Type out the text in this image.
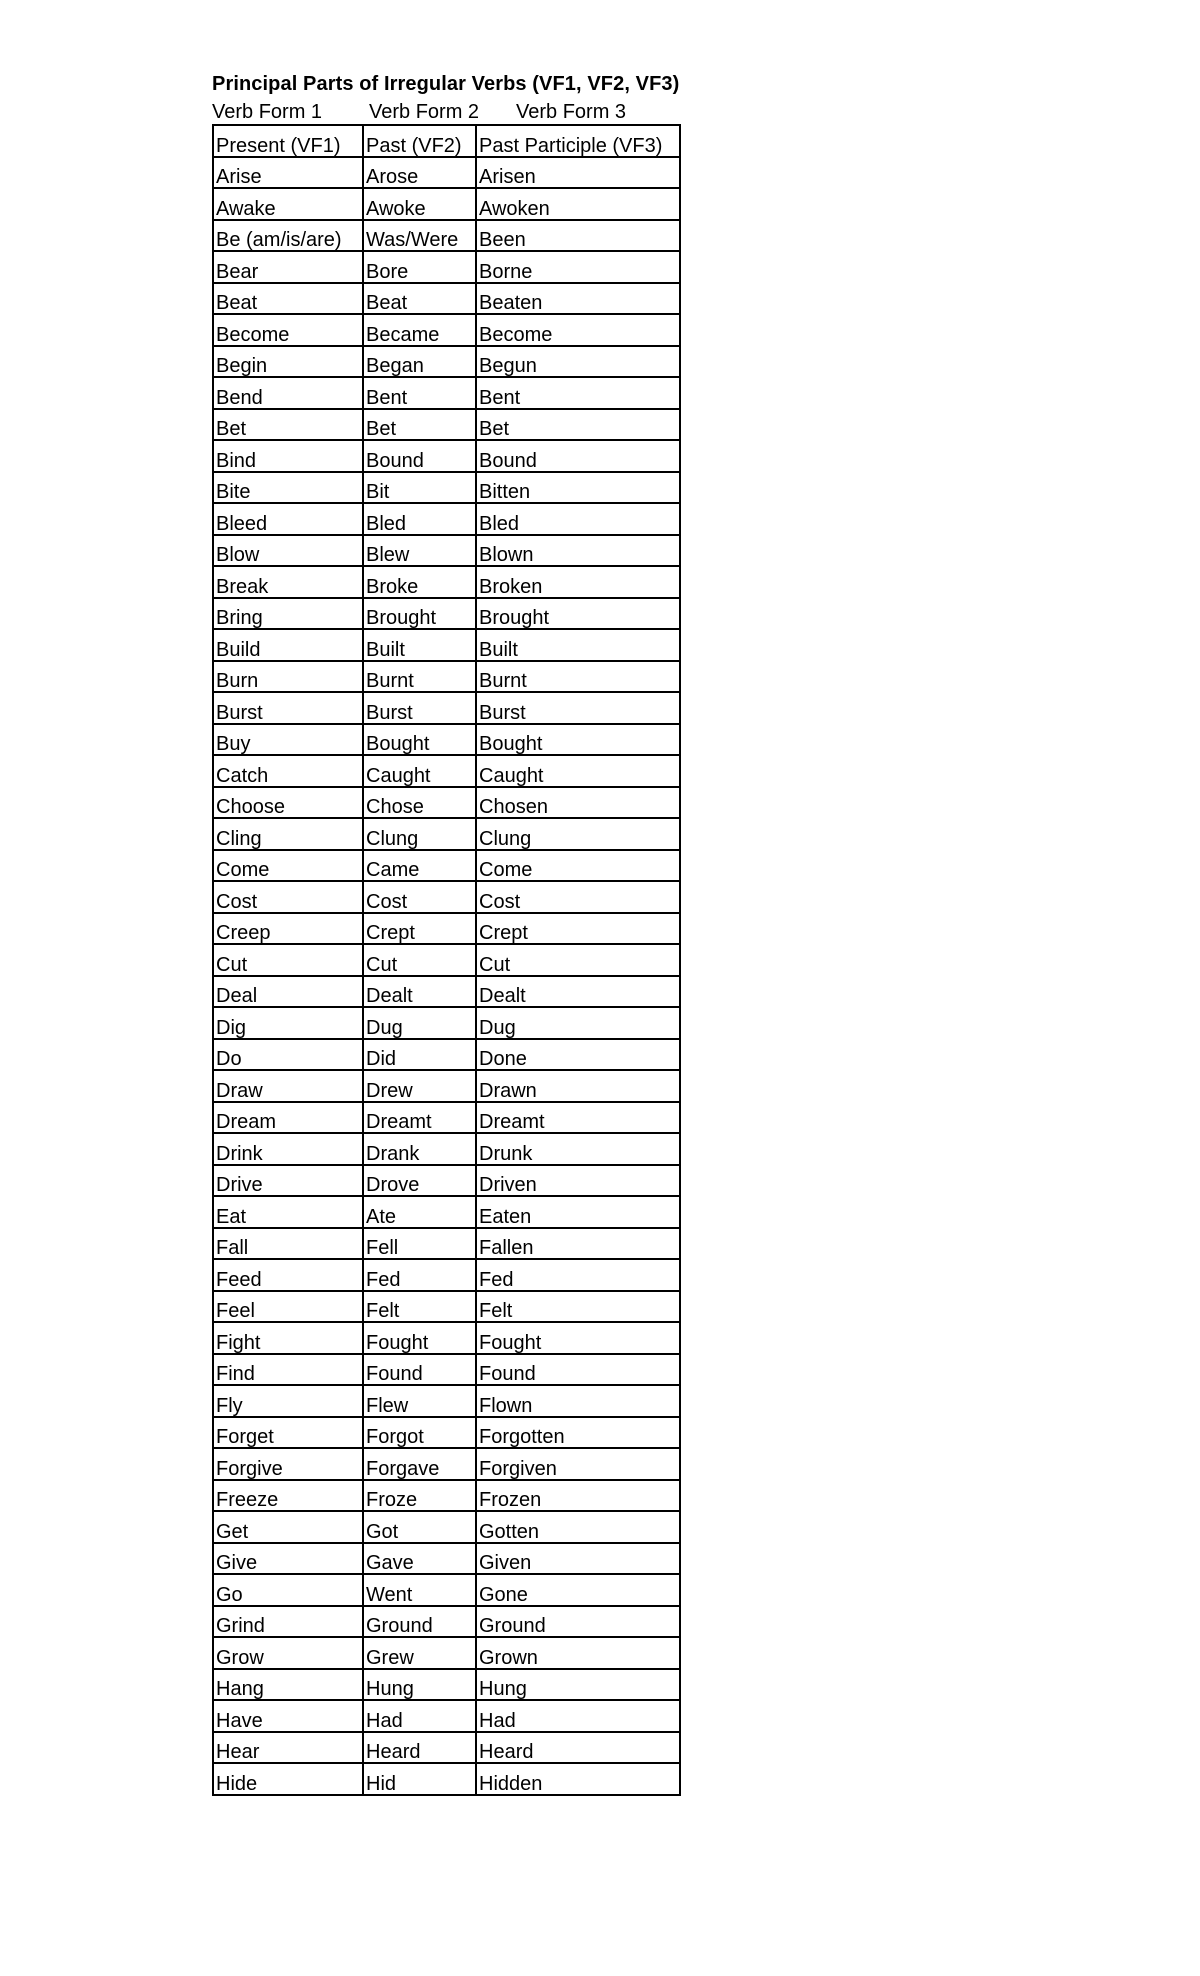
Principal Parts of Irregular Verbs (VF1, VF2, VF3)
Verb Form 1 Verb Form 2 Verb Form 3
Present (VF1)	Past (VF2)	Past Participle (VF3)
Arise	Arose	Arisen
Awake	Awoke	Awoken
Be (am/is/are)	Was/Were	Been
Bear	Bore	Borne
Beat	Beat	Beaten
Become	Became	Become
Begin	Began	Begun
Bend	Bent	Bent
Bet	Bet	Bet
Bind	Bound	Bound
Bite	Bit	Bitten
Bleed	Bled	Bled
Blow	Blew	Blown
Break	Broke	Broken
Bring	Brought	Brought
Build	Built	Built
Burn	Burnt	Burnt
Burst	Burst	Burst
Buy	Bought	Bought
Catch	Caught	Caught
Choose	Chose	Chosen
Cling	Clung	Clung
Come	Came	Come
Cost	Cost	Cost
Creep	Crept	Crept
Cut	Cut	Cut
Deal	Dealt	Dealt
Dig	Dug	Dug
Do	Did	Done
Draw	Drew	Drawn
Dream	Dreamt	Dreamt
Drink	Drank	Drunk
Drive	Drove	Driven
Eat	Ate	Eaten
Fall	Fell	Fallen
Feed	Fed	Fed
Feel	Felt	Felt
Fight	Fought	Fought
Find	Found	Found
Fly	Flew	Flown
Forget	Forgot	Forgotten
Forgive	Forgave	Forgiven
Freeze	Froze	Frozen
Get	Got	Gotten
Give	Gave	Given
Go	Went	Gone
Grind	Ground	Ground
Grow	Grew	Grown
Hang	Hung	Hung
Have	Had	Had
Hear	Heard	Heard
Hide	Hid	Hidden
